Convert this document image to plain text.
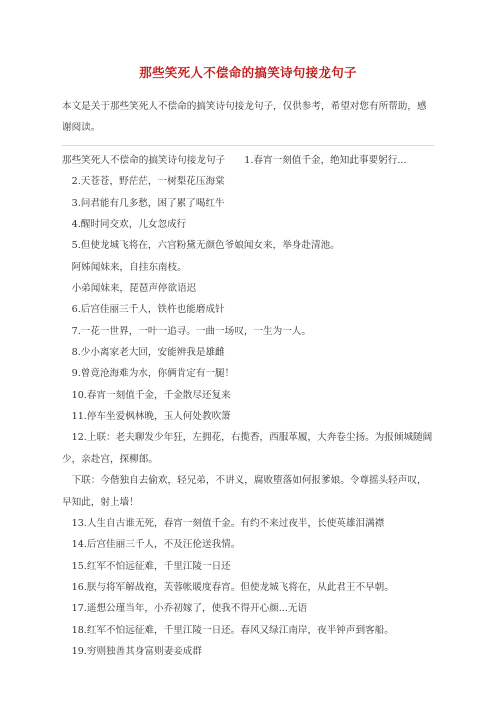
那些笑死人不偿命的搞笑诗句接龙句子
本文是关于那些笑死人不偿命的搞笑诗句接龙句子，仅供参考，希望对您有所帮助，感谢阅读。

那些笑死人不偿命的搞笑诗句接龙句子　　1.春宵一刻值千金，绝知此事要躬行...

2.天苍苍，野茫茫，一树梨花压海棠

3.问君能有几多愁，困了累了喝红牛

4.醒时同交欢，儿女忽成行

5.但使龙城飞将在，六宫粉黛无颜色爷娘闻女来，举身赴清池。

阿姊闻妹来，自挂东南枝。

小弟闻妹来，琵琶声停欲语迟

6.后宫佳丽三千人，铁杵也能磨成针

7.一花一世界，一叶一追寻。一曲一场叹，一生为一人。

8.少小离家老大回，安能辨我是雄雌

9.曾竟沧海难为水，你俩肯定有一腿！

10.春宵一刻值千金，千金散尽还复来

11.停车坐爱枫林晚，玉人何处教吹箫

12.上联：老夫聊发少年狂，左拥花，右揽香，西服革履，大奔卷尘扬。为报倾城随阔少，亲赴宫，探柳郎。

下联：今偕独自去偷欢，轻兄弟，不讲义，腐败堕落如何报爹娘。令尊摇头轻声叹，早知此，射上墙！

13.人生自古谁无死，春宵一刻值千金。有约不来过夜半，长使英雄泪满襟

14.后宫佳丽三千人，不及汪伦送我情。

15.红军不怕远征难，千里江陵一日还

16.朕与将军解战袍，芙蓉帐暖度春宵。但使龙城飞将在，从此君王不早朝。

17.遥想公瑾当年，小乔初嫁了，使我不得开心颜...无语

18.红军不怕远征难，千里江陵一日还。春风又绿江南岸，夜半钟声到客船。

19.穷则独善其身富则妻妾成群
